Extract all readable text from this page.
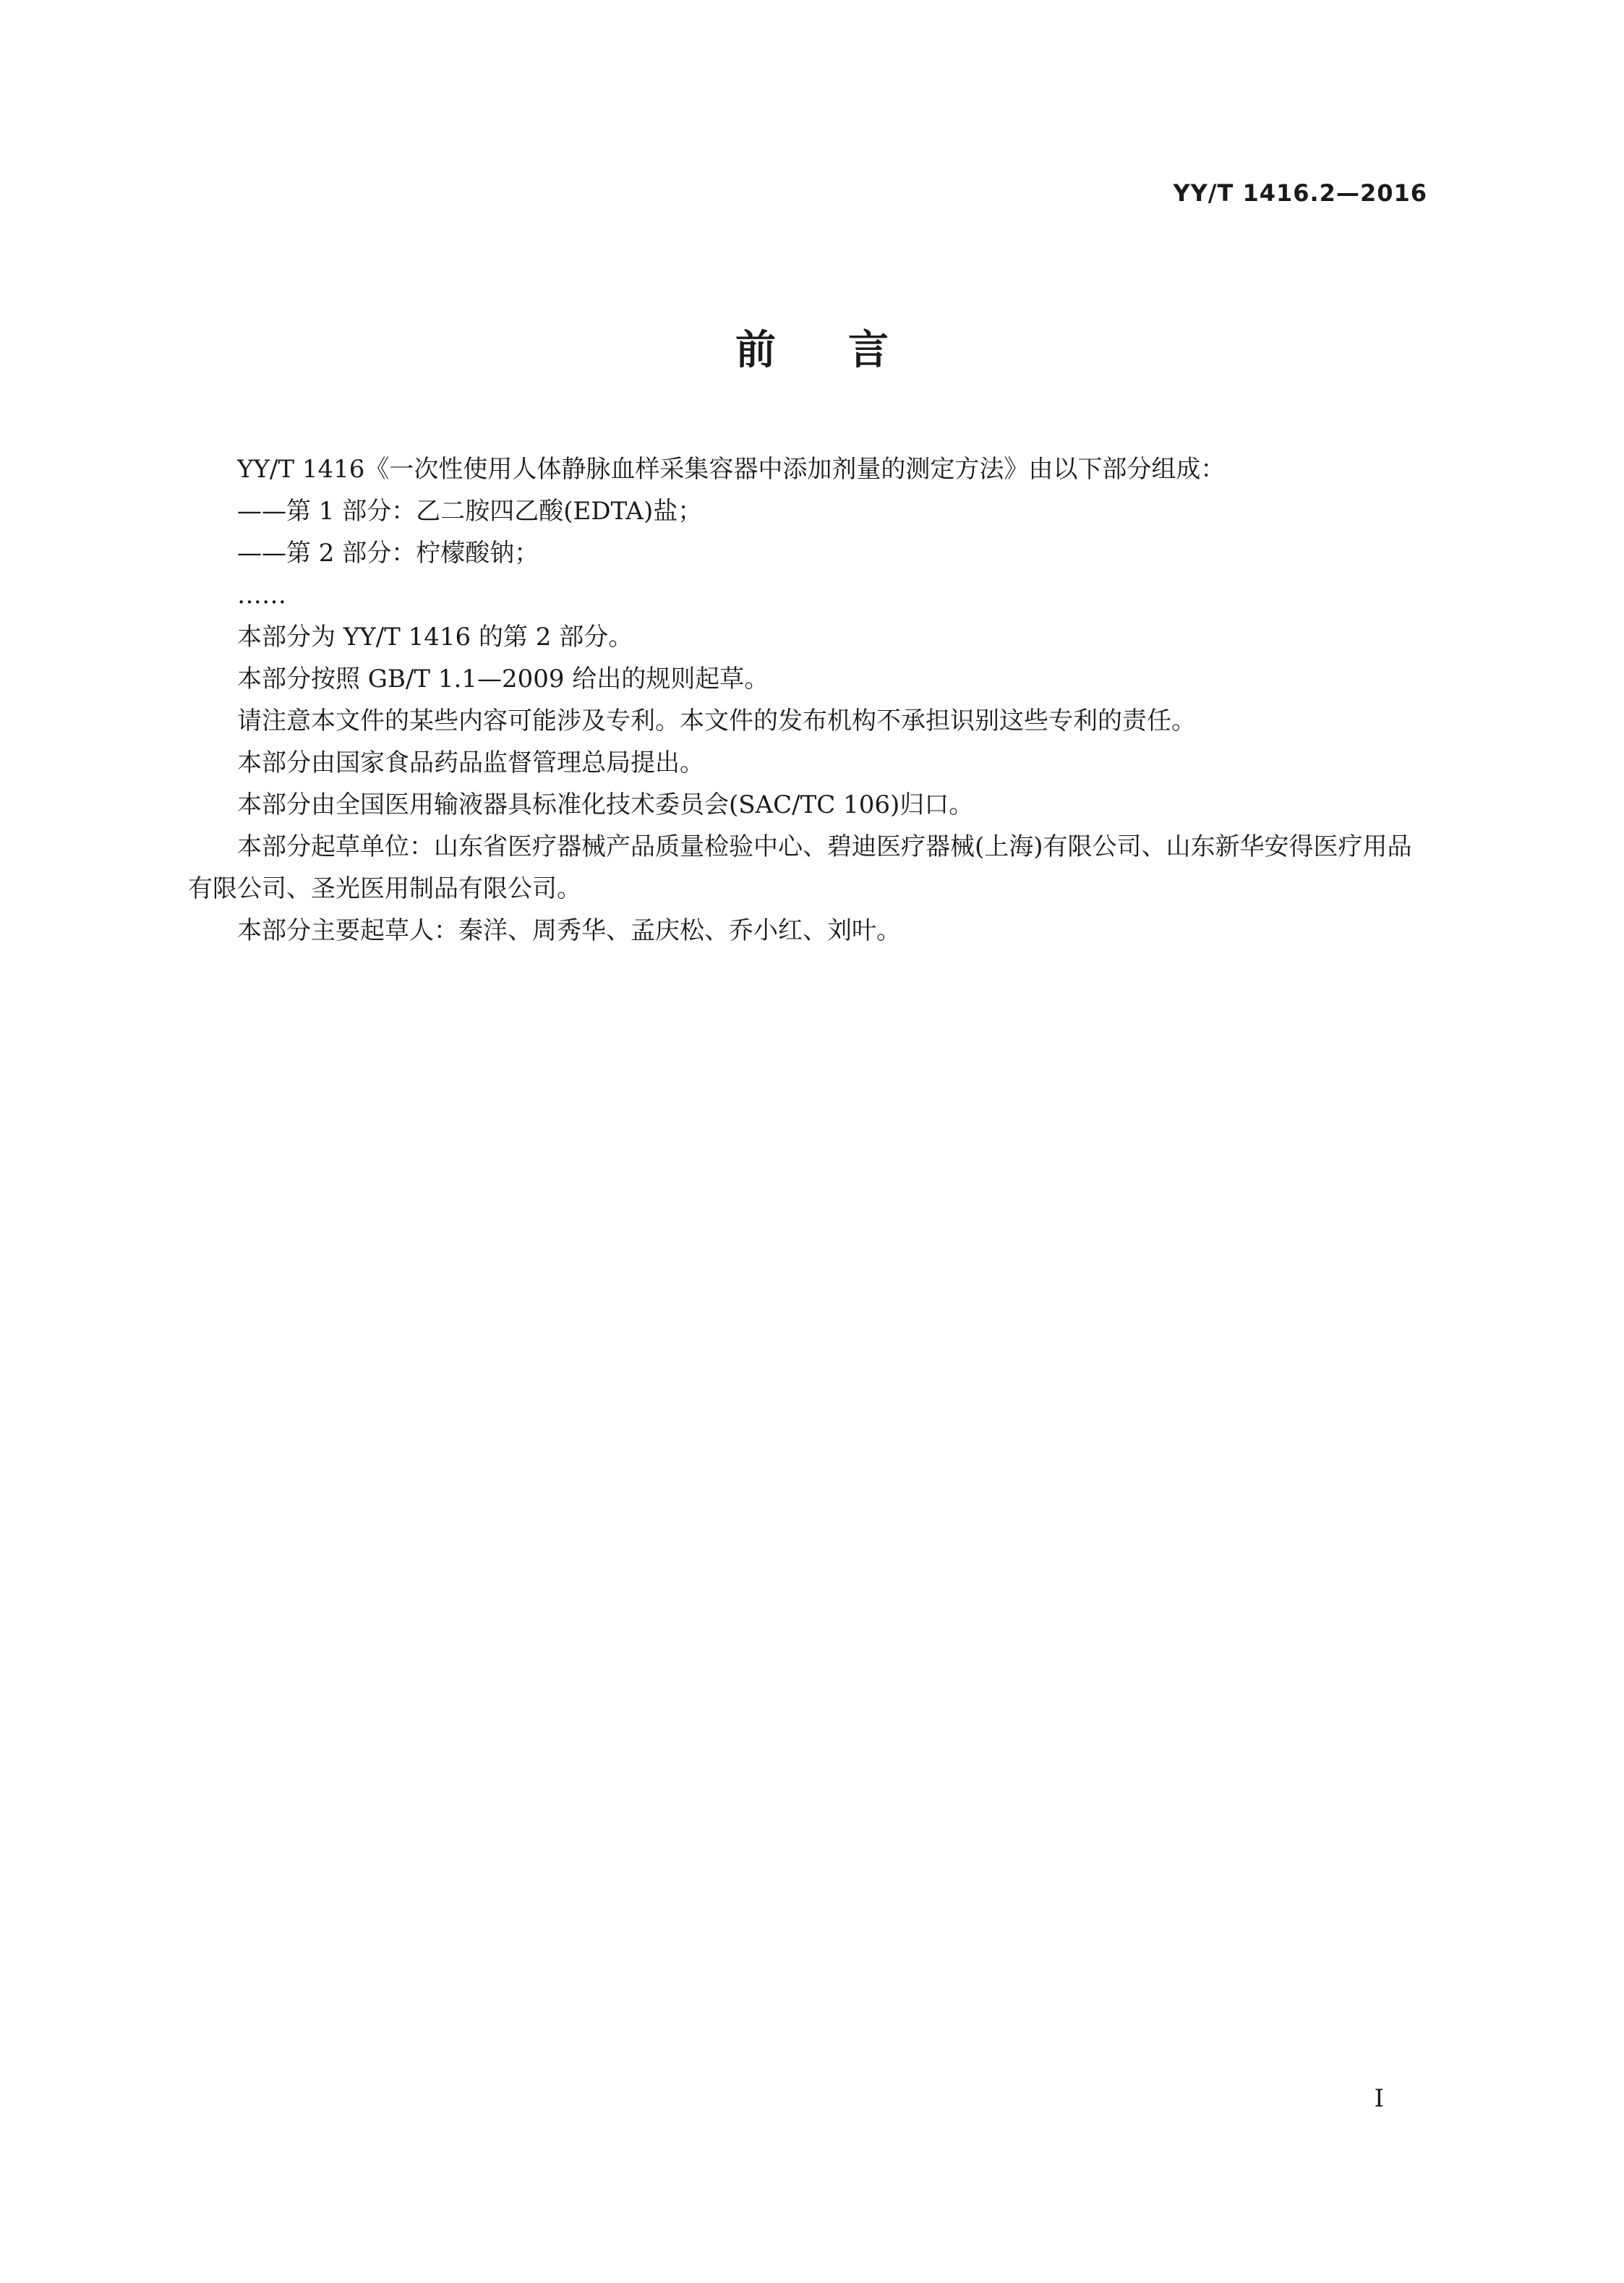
YY/T 1416.2—2016
前言

YY/T 1416《一次性使用人体静脉血样采集容器中添加剂量的测定方法》由以下部分组成：

——第 1 部分：乙二胺四乙酸(EDTA)盐；

——第 2 部分：柠檬酸钠；

……

本部分为 YY/T 1416 的第 2 部分。

本部分按照 GB/T 1.1—2009 给出的规则起草。

请注意本文件的某些内容可能涉及专利。本文件的发布机构不承担识别这些专利的责任。

本部分由国家食品药品监督管理总局提出。

本部分由全国医用输液器具标准化技术委员会(SAC/TC 106)归口。

本部分起草单位：山东省医疗器械产品质量检验中心、碧迪医疗器械(上海)有限公司、山东新华安得医疗用品有限公司、圣光医用制品有限公司。

本部分主要起草人：秦洋、周秀华、孟庆松、乔小红、刘叶。

I
